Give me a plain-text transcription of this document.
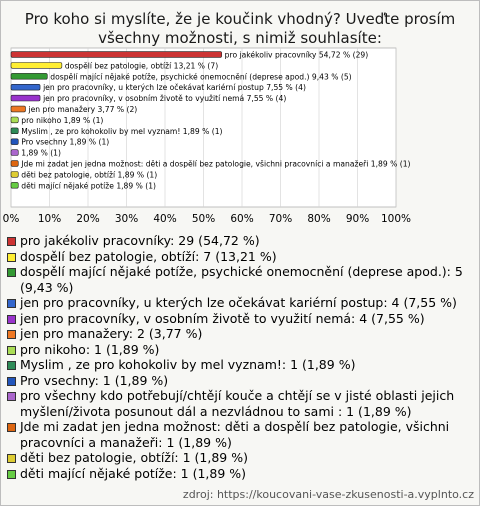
Pro koho si myslíte, že je koučink vhodný? Uveďte prosím všechny možnosti, s nimiž souhlasíte:
0% 10% 20% 30% 40% 50% 60% 70% 80% 90% 100%
pro jakékoliv pracovníky 54,72 % (29)
dospělí bez patologie, obtíží 13,21 % (7)
dospělí mající nějaké potíže, psychické onemocnění (deprese apod.) 9,43 % (5)
jen pro pracovníky, u kterých lze očekávat kariérní postup 7,55 % (4)
jen pro pracovníky, v osobním životě to využití nemá 7,55 % (4)
jen pro manažery 3,77 % (2)
pro nikoho 1,89 % (1)
Myslim , ze pro kohokoliv by mel vyznam! 1,89 % (1)
Pro vsechny 1,89 % (1)
1,89 % (1)
Jde mi zadat jen jedna možnost: děti a dospělí bez patologie, všichni pracovníci a manažeři 1,89 % (1)
děti bez patologie, obtíží 1,89 % (1)
děti mající nějaké potíže 1,89 % (1)
pro jakékoliv pracovníky: 29 (54,72 %)
dospělí bez patologie, obtíží: 7 (13,21 %)
dospělí mající nějaké potíže, psychické onemocnění (deprese apod.): 5 (9,43 %)
jen pro pracovníky, u kterých lze očekávat kariérní postup: 4 (7,55 %)
jen pro pracovníky, v osobním životě to využití nemá: 4 (7,55 %)
jen pro manažery: 2 (3,77 %)
pro nikoho: 1 (1,89 %)
Myslim , ze pro kohokoliv by mel vyznam!: 1 (1,89 %)
Pro vsechny: 1 (1,89 %)
pro všechny kdo potřebují/chtějí kouče a chtějí se v jisté oblasti jejich myšlení/života posunout dál a nezvládnou to sami : 1 (1,89 %)
Jde mi zadat jen jedna možnost: děti a dospělí bez patologie, všichni pracovníci a manažeři: 1 (1,89 %)
děti bez patologie, obtíží: 1 (1,89 %)
děti mající nějaké potíže: 1 (1,89 %)
zdroj: https://koucovani-vase-zkusenosti-a.vyplnto.cz
